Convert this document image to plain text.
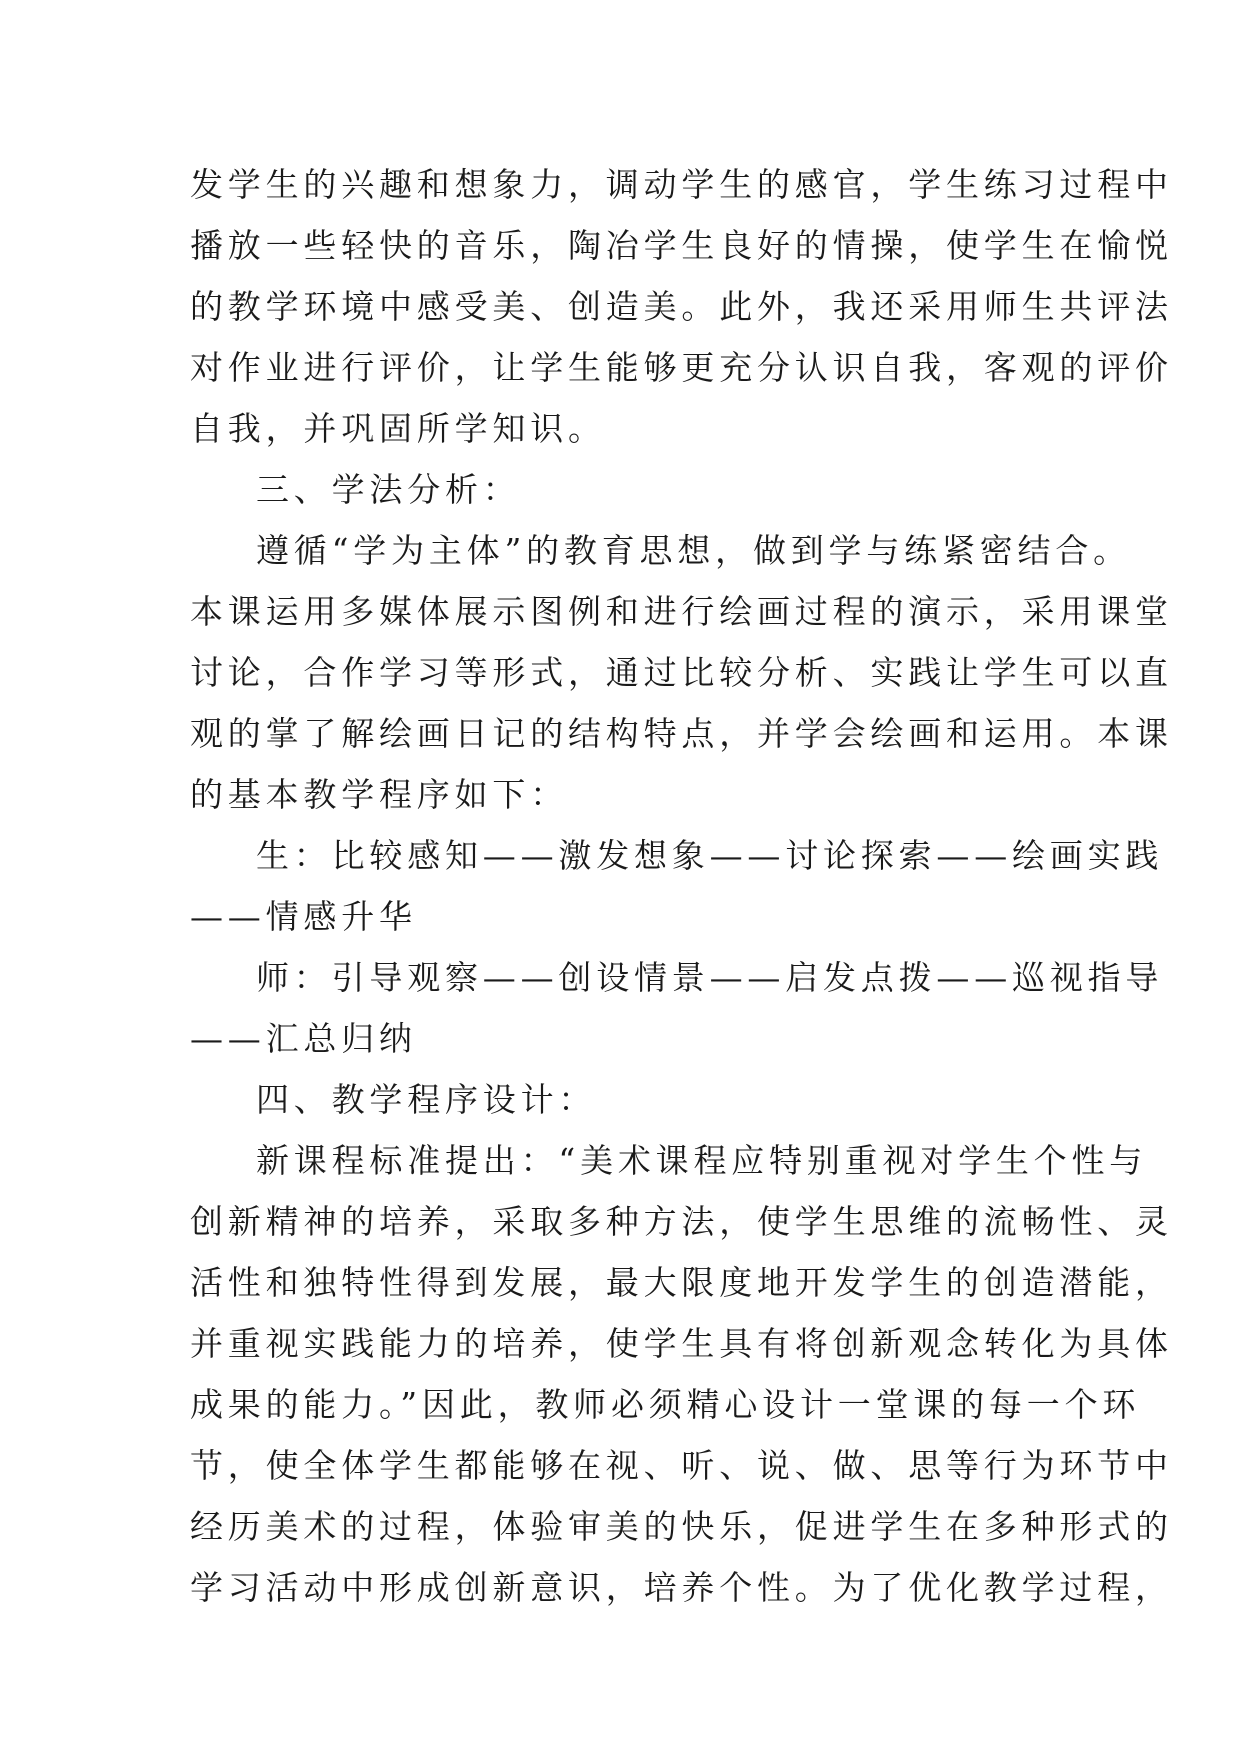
发学生的兴趣和想象力，调动学生的感官，学生练习过程中
播放一些轻快的音乐，陶冶学生良好的情操，使学生在愉悦
的教学环境中感受美、创造美。此外，我还采用师生共评法
对作业进行评价，让学生能够更充分认识自我，客观的评价
自我，并巩固所学知识。
三、学法分析：
遵循“学为主体”的教育思想，做到学与练紧密结合。
本课运用多媒体展示图例和进行绘画过程的演示，采用课堂
讨论，合作学习等形式，通过比较分析、实践让学生可以直
观的掌了解绘画日记的结构特点，并学会绘画和运用。本课
的基本教学程序如下：
生：比较感知——激发想象——讨论探索——绘画实践
——情感升华
师：引导观察——创设情景——启发点拨——巡视指导
——汇总归纳
四、教学程序设计：
新课程标准提出：“美术课程应特别重视对学生个性与
创新精神的培养，采取多种方法，使学生思维的流畅性、灵
活性和独特性得到发展，最大限度地开发学生的创造潜能，
并重视实践能力的培养，使学生具有将创新观念转化为具体
成果的能力。”因此，教师必须精心设计一堂课的每一个环
节，使全体学生都能够在视、听、说、做、思等行为环节中
经历美术的过程，体验审美的快乐，促进学生在多种形式的
学习活动中形成创新意识，培养个性。为了优化教学过程，
